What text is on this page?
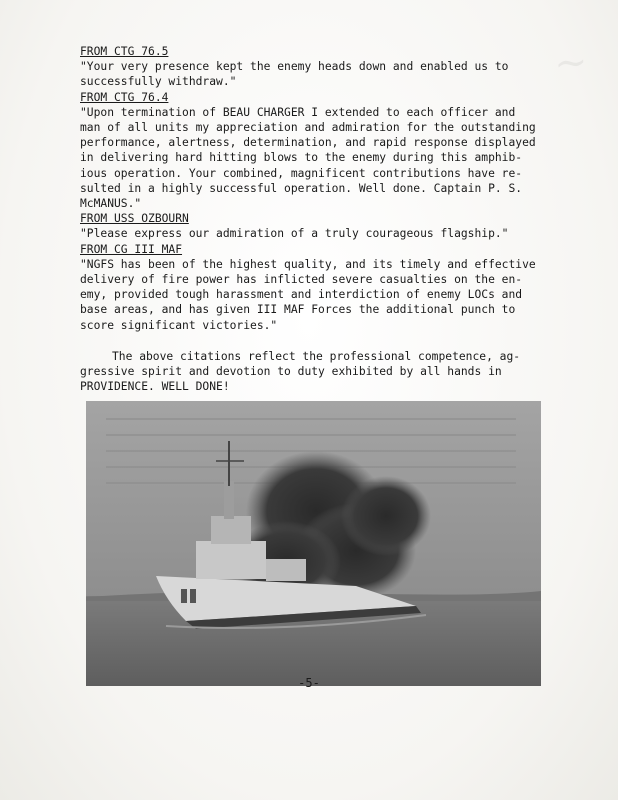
~

FROM CTG 76.5

"Your very presence kept the enemy heads down and enabled us to

successfully withdraw."

FROM CTG 76.4

"Upon termination of BEAU CHARGER I extended to each officer and

man of all units my appreciation and admiration for the outstanding

performance, alertness, determination, and rapid response displayed

in delivering hard hitting blows to the enemy during this amphib-

ious operation. Your combined, magnificent contributions have re-

sulted in a highly successful operation. Well done. Captain P. S.

McMANUS."

FROM USS OZBOURN

"Please express our admiration of a truly courageous flagship."

FROM CG III MAF

"NGFS has been of the highest quality, and its timely and effective

delivery of fire power has inflicted severe casualties on the en-

emy, provided tough harassment and interdiction of enemy LOCs and

base areas, and has given III MAF Forces the additional punch to

score significant victories."

The above citations reflect the professional competence, ag-

gressive spirit and devotion to duty exhibited by all hands in

PROVIDENCE. WELL DONE!

-5-
